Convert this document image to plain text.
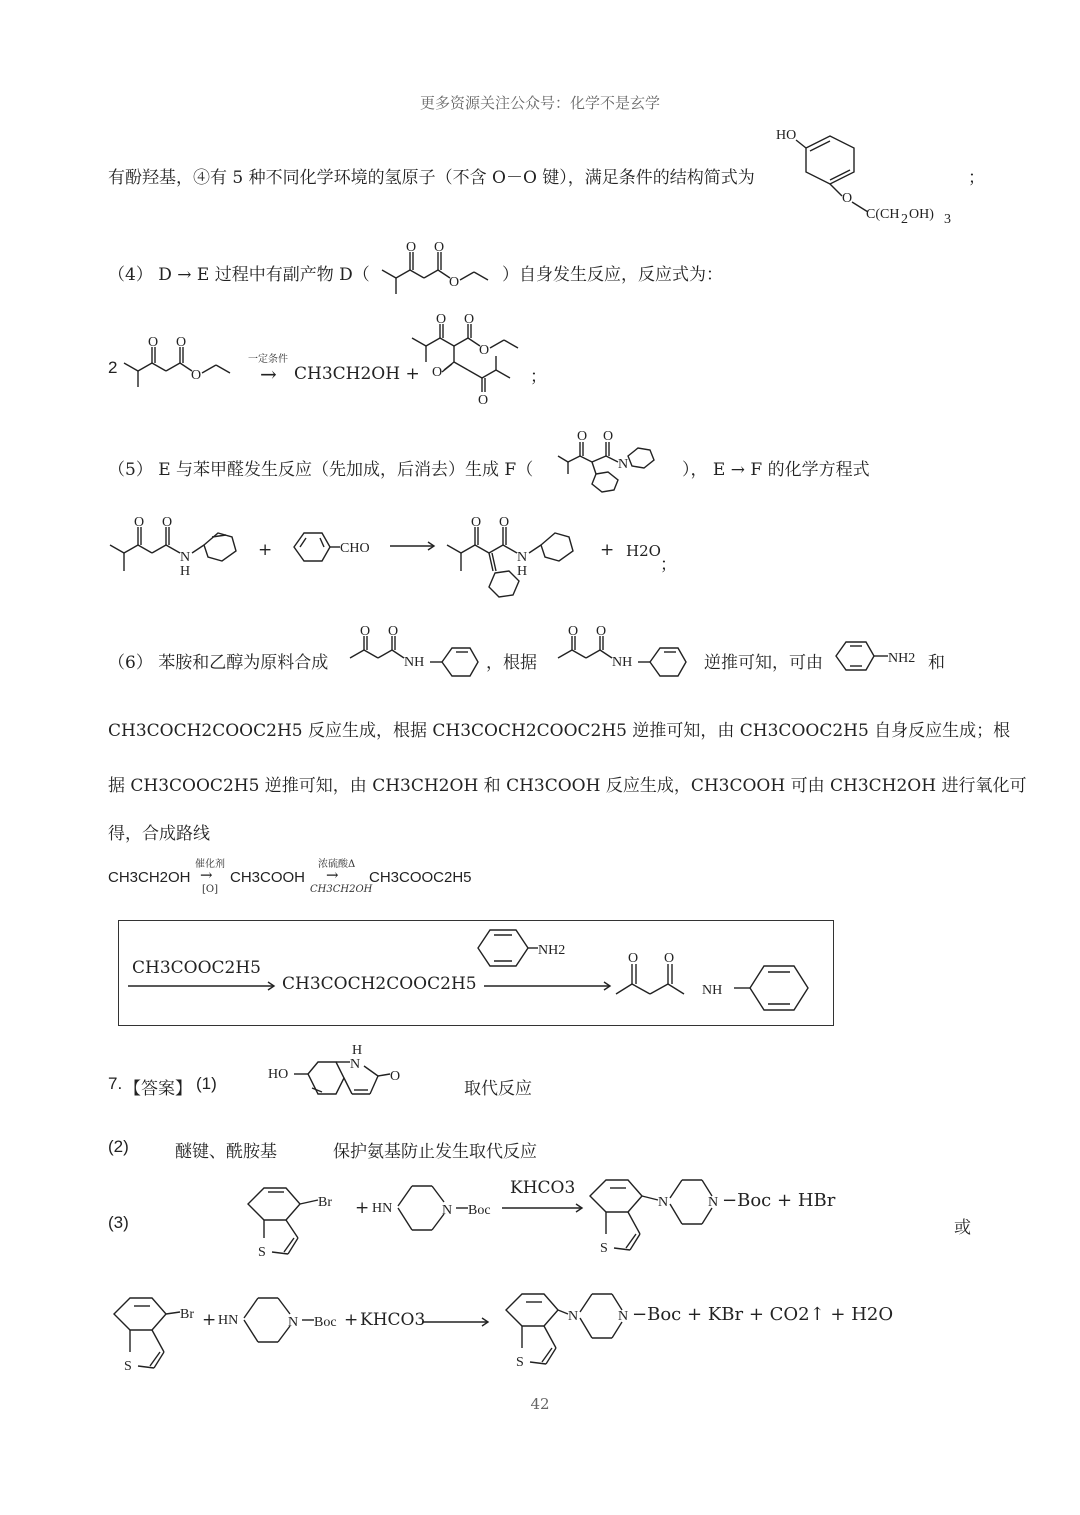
更多资源关注公众号：化学不是玄学
有酚羟基，④有 5 种不同化学环境的氢原子（不含 O－O 键），满足条件的结构简式为
HO
O
C(CH 2 OH) 3
；
（4） D → E 过程中有副产物 D（
O O
O	）自身发生反应，反应式为：
2
O O
O
一定条件
→ CH3CH2OH +
O O
O
O
O
；
（5） E 与苯甲醛发生反应（先加成，后消去）生成 F（
O O
N	）， E → F 的化学方程式
O O
N
H
+	CHO
O O
N
H
+ H2O
；
（6） 苯胺和乙醇为原料合成
O O
NH	，根据
O O
NH	逆推可知，可由	NH2 和
CH3COCH2COOC2H5 反应生成，根据 CH3COCH2COOC2H5 逆推可知，由 CH3COOC2H5 自身反应生成；根
据 CH3COOC2H5 逆推可知，由 CH3CH2OH 和 CH3COOH 反应生成，CH3COOH 可由 CH3CH2OH 进行氧化可
得，合成路线
CH3CH2OH
催化剂
→
[O]
CH3COOH
浓硫酸Δ
→
CH3CH2OH
CH3COOC2H5
CH3COOC2H5
CH3COCH2COOC2H5
NH2
O O
NH
7. 【答案】 (1)	HO
N
H
O
取代反应
(2)	醚键、酰胺基	保护氨基防止发生取代反应
(3)
Br
S
+ HN	N Boc
KHCO3
N	N
S
−Boc + HBr
或
Br
S
+ HN	N Boc + KHCO3	N	N
S
−Boc + KBr + CO2↑ + H2O
42
